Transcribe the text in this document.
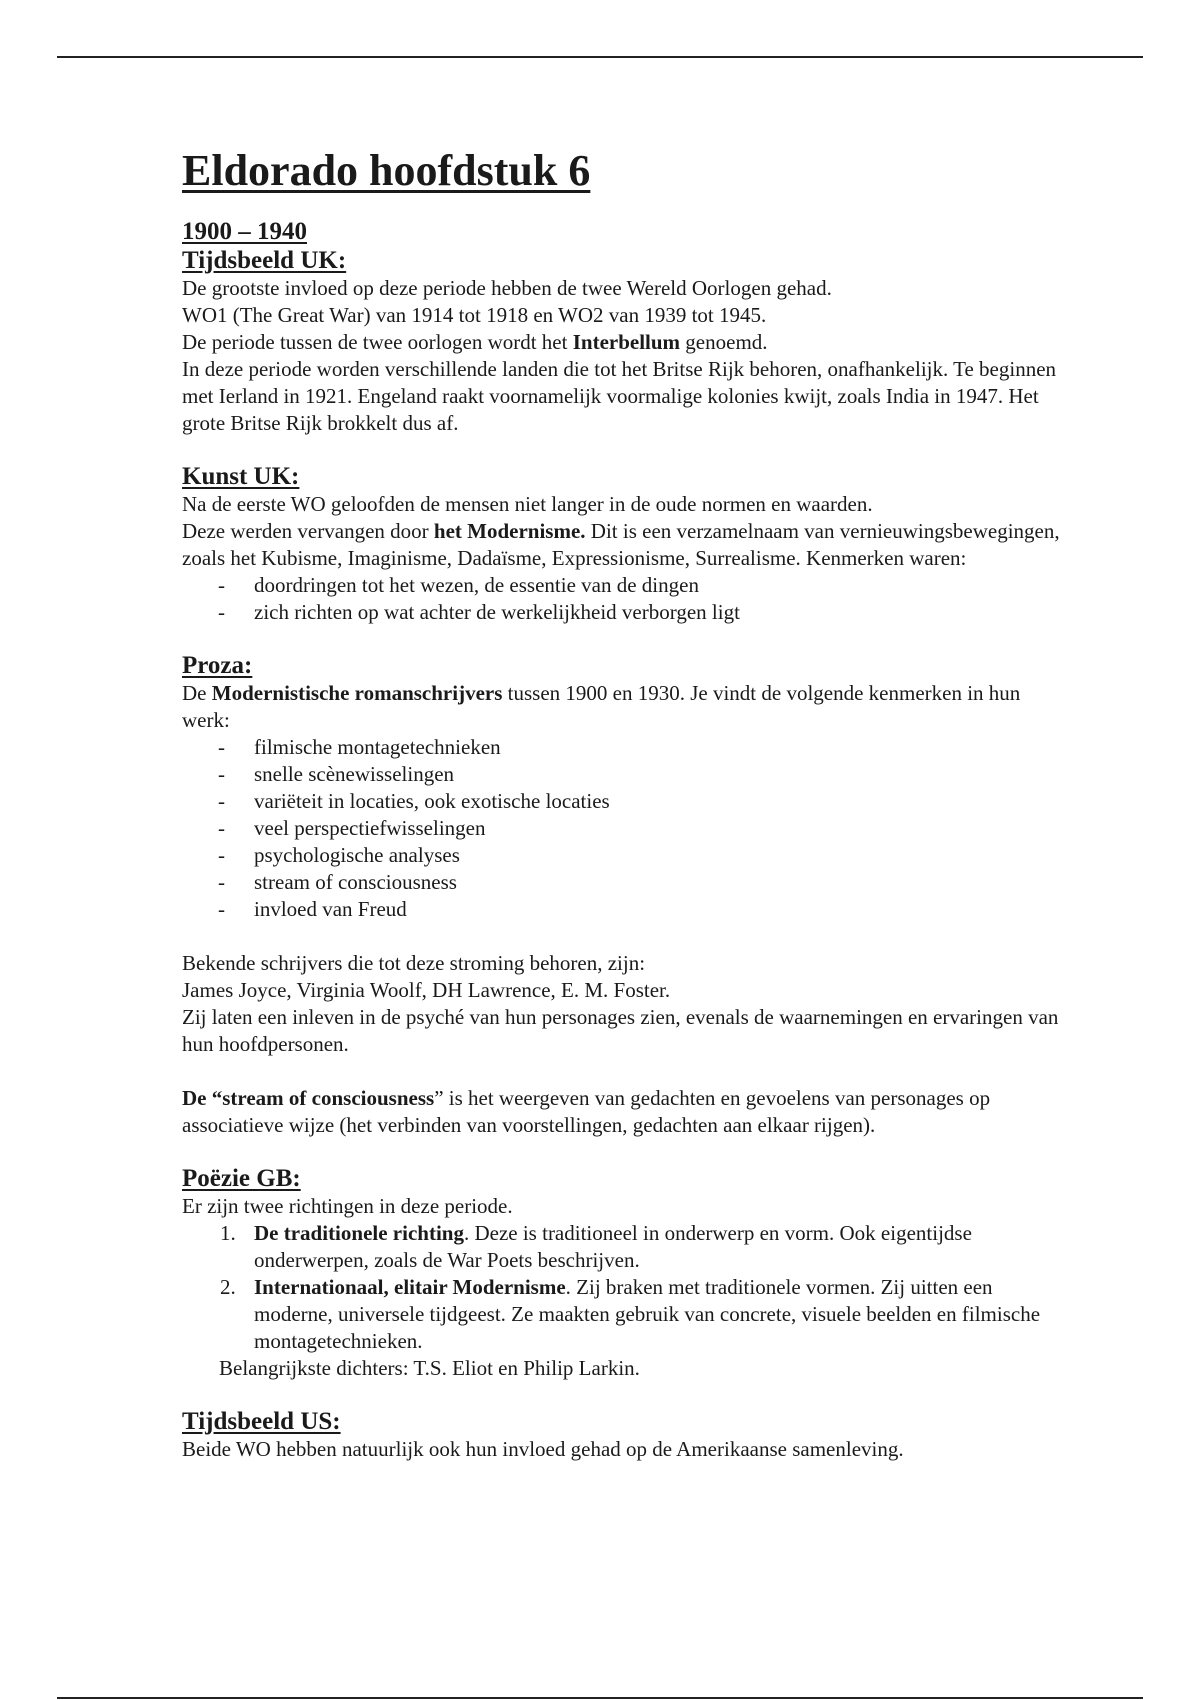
Eldorado hoofdstuk 6
1900 – 1940
Tijdsbeeld UK:

De grootste invloed op deze periode hebben de twee Wereld Oorlogen gehad.

WO1 (The Great War) van 1914 tot 1918 en WO2 van 1939 tot 1945.

De periode tussen de twee oorlogen wordt het Interbellum genoemd.

In deze periode worden verschillende landen die tot het Britse Rijk behoren, onafhankelijk. Te beginnen met Ierland in 1921. Engeland raakt voornamelijk voormalige kolonies kwijt, zoals India in 1947. Het grote Britse Rijk brokkelt dus af.

Kunst UK:

Na de eerste WO geloofden de mensen niet langer in de oude normen en waarden.

Deze werden vervangen door het Modernisme. Dit is een verzamelnaam van vernieuwingsbewegingen, zoals het Kubisme, Imaginisme, Dadaïsme, Expressionisme, Surrealisme. Kenmerken waren:

- doordringen tot het wezen, de essentie van de dingen
- zich richten op wat achter de werkelijkheid verborgen ligt
Proza:

De Modernistische romanschrijvers tussen 1900 en 1930. Je vindt de volgende kenmerken in hun werk:

- filmische montagetechnieken
- snelle scènewisselingen
- variëteit in locaties, ook exotische locaties
- veel perspectiefwisselingen
- psychologische analyses
- stream of consciousness
- invloed van Freud

Bekende schrijvers die tot deze stroming behoren, zijn:

James Joyce, Virginia Woolf, DH Lawrence, E. M. Foster.

Zij laten een inleven in de psyché van hun personages zien, evenals de waarnemingen en ervaringen van hun hoofdpersonen.

De “stream of consciousness” is het weergeven van gedachten en gevoelens van personages op associatieve wijze (het verbinden van voorstellingen, gedachten aan elkaar rijgen).

Poëzie GB:

Er zijn twee richtingen in deze periode.

1. De traditionele richting. Deze is traditioneel in onderwerp en vorm. Ook eigentijdse onderwerpen, zoals de War Poets beschrijven.
2. Internationaal, elitair Modernisme. Zij braken met traditionele vormen. Zij uitten een moderne, universele tijdgeest. Ze maakten gebruik van concrete, visuele beelden en filmische montagetechnieken.

Belangrijkste dichters: T.S. Eliot en Philip Larkin.

Tijdsbeeld US:

Beide WO hebben natuurlijk ook hun invloed gehad op de Amerikaanse samenleving.
